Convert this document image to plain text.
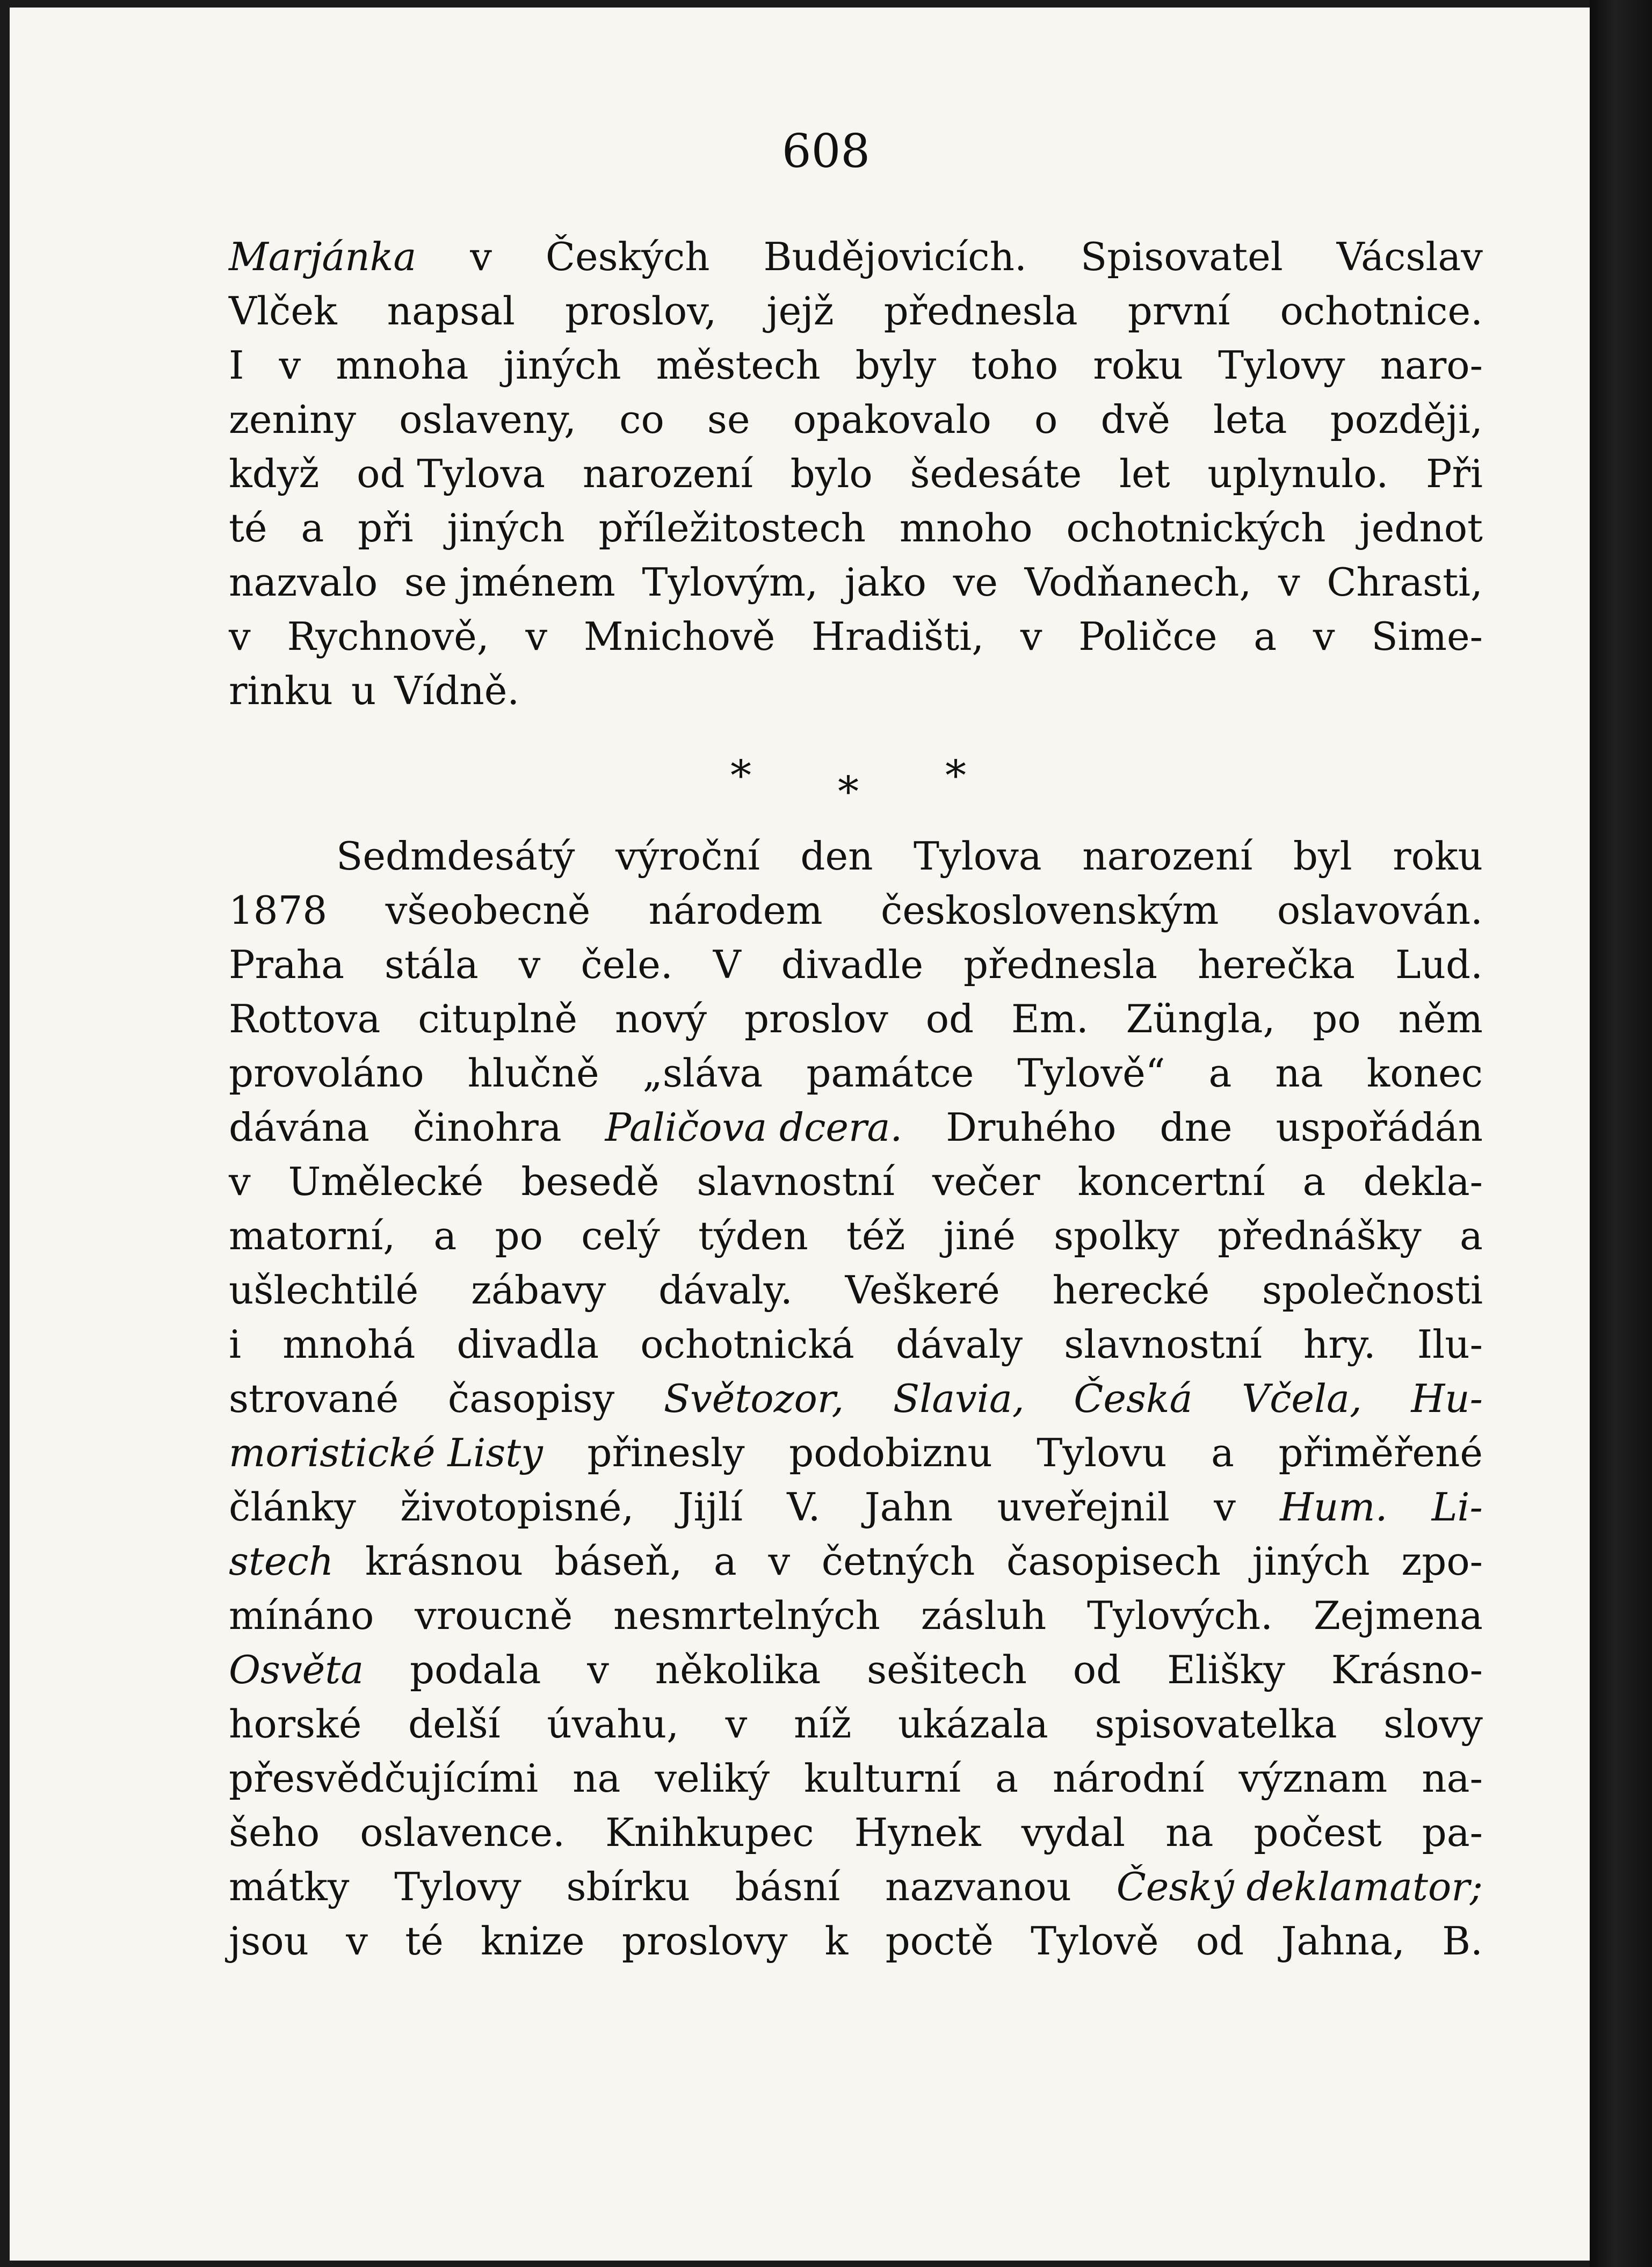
608
Marjánka v Českých Budějovicích. Spisovatel Vácslav
Vlček napsal proslov, jejž přednesla první ochotnice.
I v mnoha jiných městech byly toho roku Tylovy naro-
zeniny oslaveny, co se opakovalo o dvě leta později,
když od Tylova narození bylo šedesáte let uplynulo. Při
té a při jiných příležitostech mnoho ochotnických jednot
nazvalo se jménem Tylovým, jako ve Vodňanech, v Chrasti,
v Rychnově, v Mnichově Hradišti, v Poličce a v Sime-
rinku u Vídně.
* * *
Sedmdesátý výroční den Tylova narození byl roku
1878 všeobecně národem československým oslavován.
Praha stála v čele. V divadle přednesla herečka Lud.
Rottova cituplně nový proslov od Em. Züngla, po něm
provoláno hlučně „sláva památce Tylově“ a na konec
dávána činohra Paličova dcera. Druhého dne uspořádán
v Umělecké besedě slavnostní večer koncertní a dekla-
matorní, a po celý týden též jiné spolky přednášky a
ušlechtilé zábavy dávaly. Veškeré herecké společnosti
i mnohá divadla ochotnická dávaly slavnostní hry. Ilu-
strované časopisy Světozor, Slavia, Česká Včela, Hu-
moristické Listy přinesly podobiznu Tylovu a přiměřené
články životopisné, Jijlí V. Jahn uveřejnil v Hum. Li-
stech krásnou báseň, a v četných časopisech jiných zpo-
mínáno vroucně nesmrtelných zásluh Tylových. Zejmena
Osvěta podala v několika sešitech od Elišky Krásno-
horské delší úvahu, v níž ukázala spisovatelka slovy
přesvědčujícími na veliký kulturní a národní význam na-
šeho oslavence. Knihkupec Hynek vydal na počest pa-
mátky Tylovy sbírku básní nazvanou Český deklamator;
jsou v té knize proslovy k poctě Tylově od Jahna, B.
